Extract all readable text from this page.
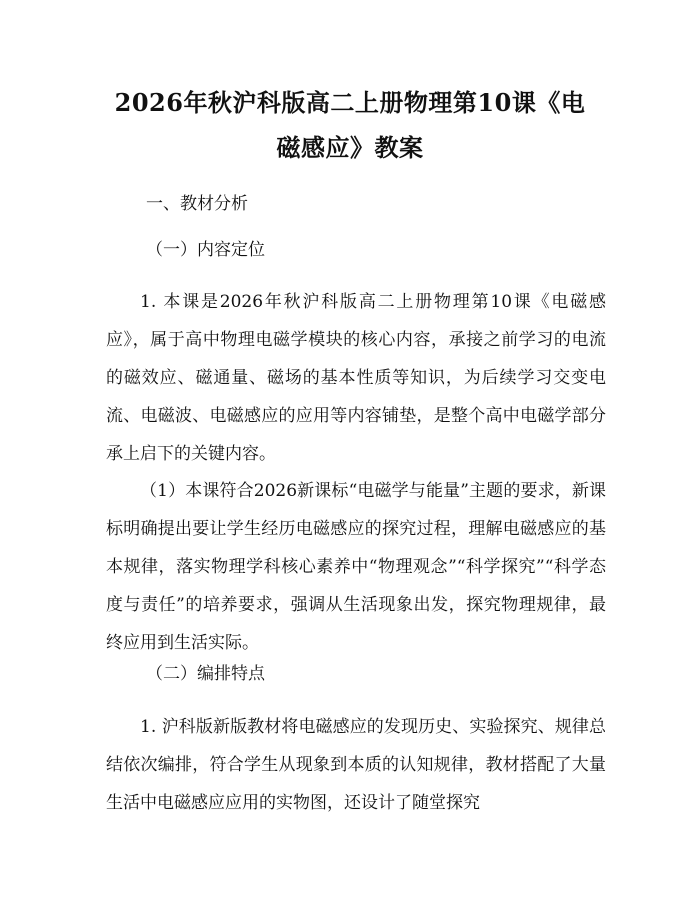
2026年秋沪科版高二上册物理第10课《电
磁感应》教案
一、教材分析
（一）内容定位
1. 本课是2026年秋沪科版高二上册物理第10课《电磁感应》，属于高中物理电磁学模块的核心内容，承接之前学习的电流的磁效应、磁通量、磁场的基本性质等知识，为后续学习交变电流、电磁波、电磁感应的应用等内容铺垫，是整个高中电磁学部分承上启下的关键内容。
（1）本课符合2026新课标“电磁学与能量”主题的要求，新课标明确提出要让学生经历电磁感应的探究过程，理解电磁感应的基本规律，落实物理学科核心素养中“物理观念”“科学探究”“科学态度与责任”的培养要求，强调从生活现象出发，探究物理规律，最终应用到生活实际。
（二）编排特点
1. 沪科版新版教材将电磁感应的发现历史、实验探究、规律总结依次编排，符合学生从现象到本质的认知规律，教材搭配了大量生活中电磁感应应用的实物图，还设计了随堂探究
